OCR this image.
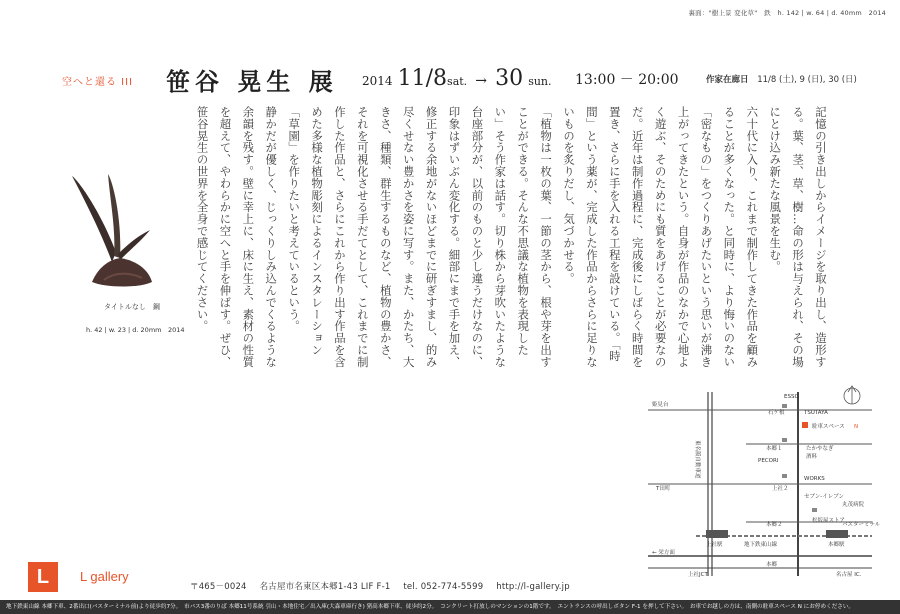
裏面："樹上景 変化草"　鉄　h. 142 | w. 64 | d. 40mm　2014
空へと還る III 笹谷 晃生 展 2014 11/8sat. → 30 sun. 13:00 － 20:00	作家在廊日 11/8 (土), 9 (日), 30 (日)
タイトルなし　鋼
h. 42 | w. 23 | d. 20mm　2014	記憶の引き出しからイメージを取り出し、造形する。葉、茎、草、樹…命の形は与えられ、その場にとけ込み新たな風景を生む。
六十代に入り、これまで制作してきた作品を顧みることが多くなった。と同時に、より悔いのない「密なもの」をつくりあげたいという思いが沸き上がってきたという。自身が作品のなかで心地よく遊ぶ、そのためにも質をあげることが必要なのだ。近年は制作過程に、完成後にしばらく時間を置き、さらに手を入れる工程を設けている。「時間」という薬が、完成した作品からさらに足りないものを炙りだし、気づかせる。
「植物は一枚の葉、一節の茎から、根や芽を出すことができる。そんな不思議な植物を表現したい」そう作家は話す。切り株から芽吹いたような台座部分が、以前のものと少し違うだけなのに、印象はずいぶん変化する。細部にまで手を加え、修正する余地がないほどまでに研ぎすまし、的み尽くせない豊かさを姿に写す。また、かたち、大きさ、種類、群生するものなど、植物の豊かさ、それを可視化させる手だてとして、これまでに制作した作品と、さらにこれから作り出す作品を含めた多様な植物彫刻によるインスタレーション「草園」を作りたいと考えているという。
静かだが優しく、じっくりしみ込んでくるような余韻を残す。壁に幸上に、床に生え、素材の性質を超えて、やわらかに空へと手を伸ばす。ぜひ、笹谷晃生の世界を全身で感じてください。
ESSO
TSUTAYA
石ケ根
姫見台
駐車スペース N
本郷１	たかやなぎ
酒料
PECORI
東名阪自動車道
WORKS
T田町	上社２
セブン-イレブン
丸茂病院
本郷２
松坂屋ストア
バスターミナル
地下鉄東山線
上社駅	本郷駅
← 栄方面
上社JCT.
本郷
名古屋 IC.
L L gallery
〒465－0024 名古屋市名東区本郷1-43 LIF F-1 tel. 052-774-5599 http://l-gallery.jp
地下鉄東山線 本郷下車、2番出口(バスターミナル前)より徒歩約7分。　市バス3番のりば 本郷11号系統 引山・本地住宅／出入庫(大森車庫行き) 猪高本郷下車、徒歩約2分。　コンクリート打放しのマンションの1階です。　エントランスの呼出しボタン F-1 を押して下さい。　お車でお越しの方は、南側の駐車スペース N にお停めください。
